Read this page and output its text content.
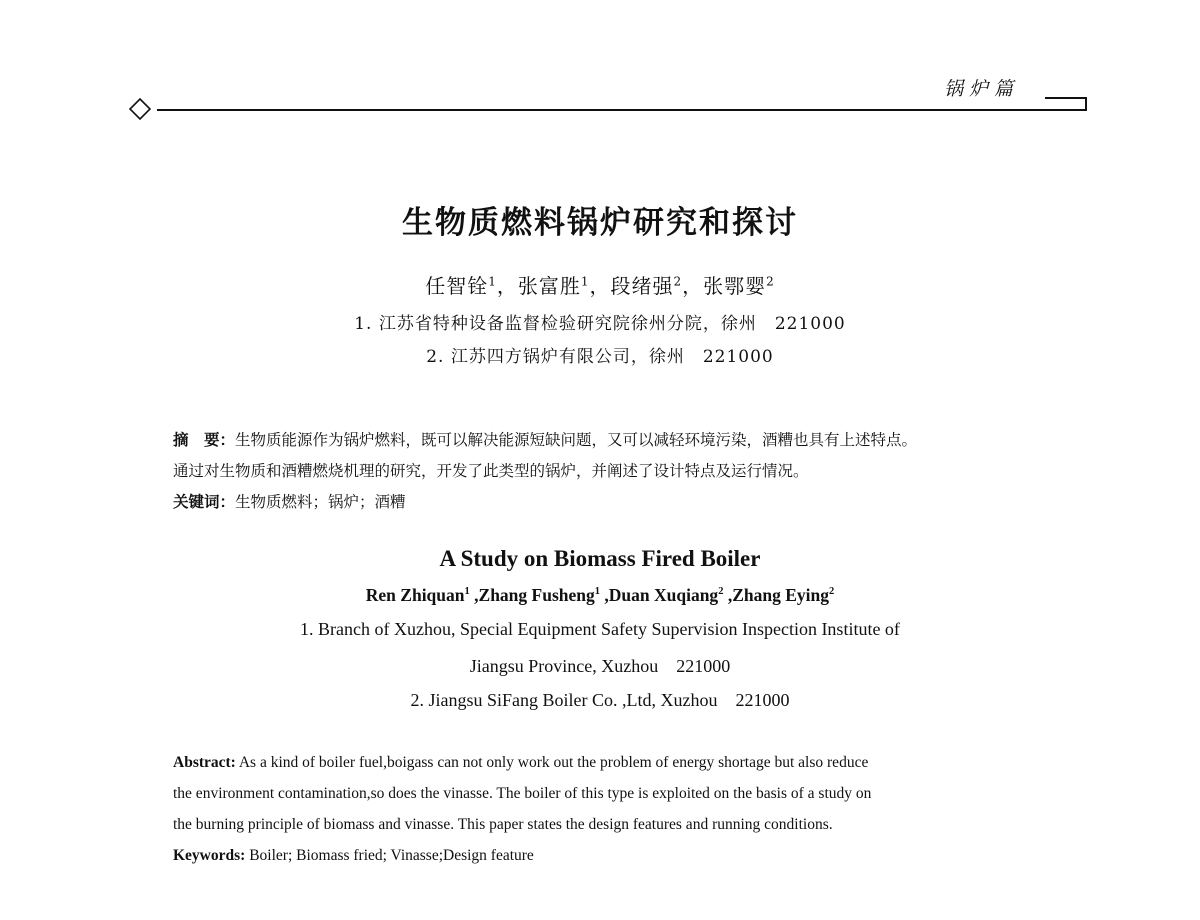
锅炉篇
生物质燃料锅炉研究和探讨
任智铨$^1$，张富胜$^1$，段绪强$^2$，张鄂婴$^2$
1. 江苏省特种设备监督检验研究院徐州分院，徐州　221000
2. 江苏四方锅炉有限公司，徐州　221000
摘　要：生物质能源作为锅炉燃料，既可以解决能源短缺问题，又可以减轻环境污染，酒糟也具有上述特点。
通过对生物质和酒糟燃烧机理的研究，开发了此类型的锅炉，并阐述了设计特点及运行情况。
关键词：生物质燃料；锅炉；酒糟
A Study on Biomass Fired Boiler
Ren Zhiquan$^1$ ,Zhang Fusheng$^1$ ,Duan Xuqiang$^2$ ,Zhang Eying$^2$
1. Branch of Xuzhou, Special Equipment Safety Supervision Inspection Institute of
Jiangsu Province, Xuzhou　221000
2. Jiangsu SiFang Boiler Co. ,Ltd, Xuzhou　221000
Abstract: As a kind of boiler fuel,boigass can not only work out the problem of energy shortage but also reduce
the environment contamination,so does the vinasse. The boiler of this type is exploited on the basis of a study on
the burning principle of biomass and vinasse. This paper states the design features and running conditions.
Keywords: Boiler; Biomass fried; Vinasse;Design feature
